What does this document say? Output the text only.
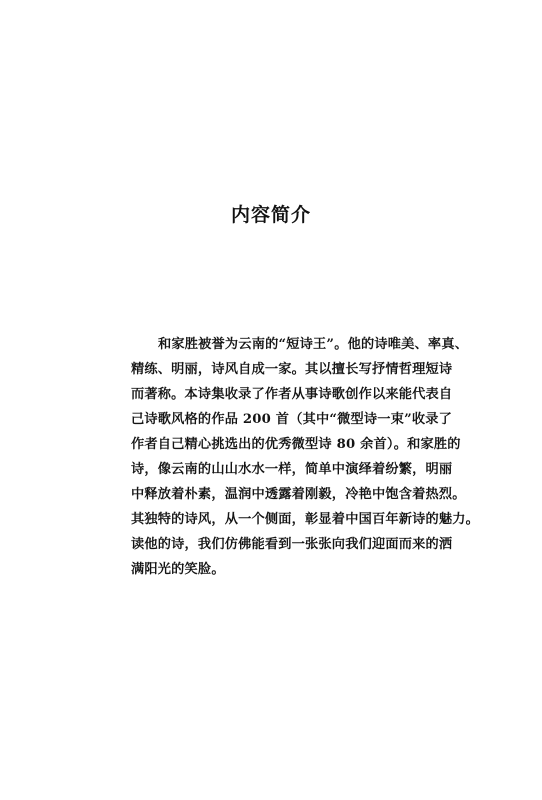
内容简介
和家胜被誉为云南的“短诗王”。他的诗唯美、率真、
精练、明丽，诗风自成一家。其以擅长写抒情哲理短诗
而著称。本诗集收录了作者从事诗歌创作以来能代表自
己诗歌风格的作品 200 首（其中“微型诗一束”收录了
作者自己精心挑选出的优秀微型诗 80 余首）。和家胜的
诗，像云南的山山水水一样，简单中演绎着纷繁，明丽
中释放着朴素，温润中透露着刚毅，冷艳中饱含着热烈。
其独特的诗风，从一个侧面，彰显着中国百年新诗的魅力。
读他的诗，我们仿佛能看到一张张向我们迎面而来的洒
满阳光的笑脸。
